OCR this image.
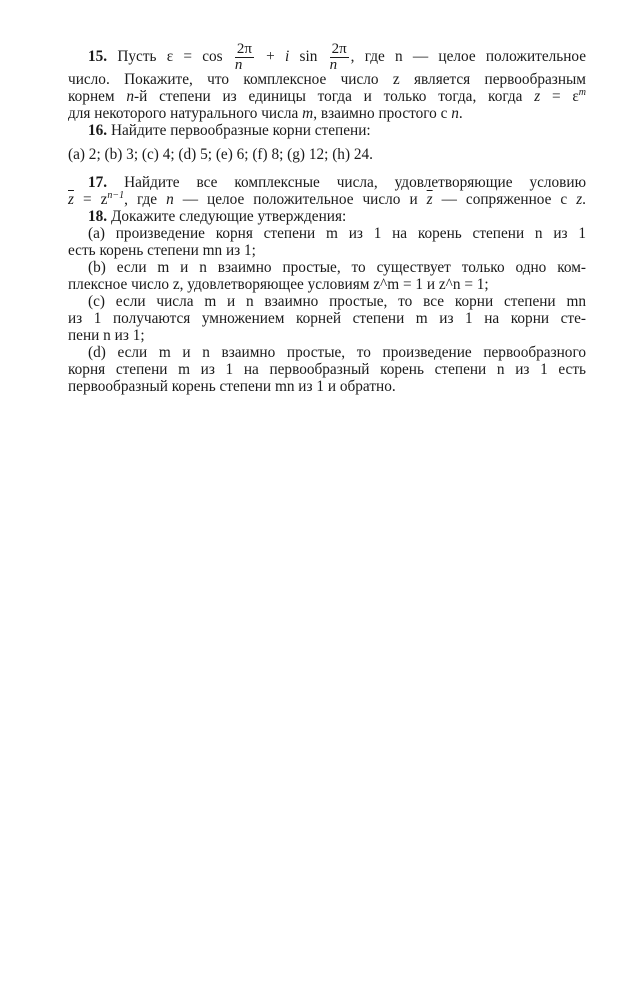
15. Пусть $\varepsilon = \cos \frac{2\pi}{n} + i$ $\sin \frac{2\pi}{n}$ , где n — целое положительное
число. Покажите, что комплексное число z является первообразным
корнем n-й степени из единицы тогда и только тогда, когда $z = \varepsilon^m$
для некоторого натурального числа m, взаимно простого с n.
16. Найдите первообразные корни степени:
(a) 2; (b) 3; (c) 4; (d) 5; (e) 6; (f) 8; (g) 12; (h) 24.
17. Найдите все комплексные числа, удовлетворяющие условию
$\overline{z} = z^{n-1}$, где n — целое положительное число и $\overline{z}$ — сопряженное с z.
18. Докажите следующие утверждения:
(a) произведение корня степени m из 1 на корень степени n из 1
есть корень степени mn из 1;
(b) если m и n взаимно простые, то существует только одно ком-
плексное число z, удовлетворяющее условиям z^m = 1 и z^n = 1;
(c) если числа m и n взаимно простые, то все корни степени mn
из 1 получаются умножением корней степени m из 1 на корни сте-
пени n из 1;
(d) если m и n взаимно простые, то произведение первообразного
корня степени m из 1 на первообразный корень степени n из 1 есть
первообразный корень степени mn из 1 и обратно.
